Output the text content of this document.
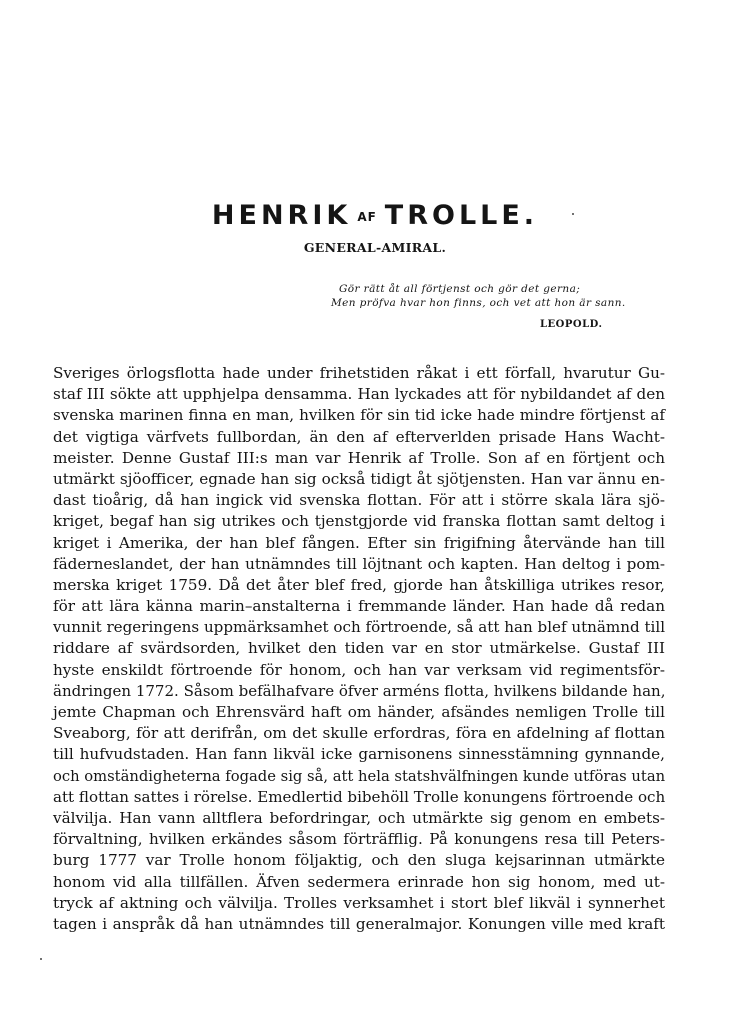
HENRIK AF TROLLE.
GENERAL-AMIRAL.
Gör rätt åt all förtjenst och gör det gerna;
Men pröfva hvar hon finns, och vet att hon är sann.
LEOPOLD.
Sveriges örlogsflotta hade under frihetstiden råkat i ett förfall, hvarutur Gu-
staf III sökte att upphjelpa densamma. Han lyckades att för nybildandet af den
svenska marinen finna en man, hvilken för sin tid icke hade mindre förtjenst af
det vigtiga värfvets fullbordan, än den af efterverlden prisade Hans Wacht-
meister. Denne Gustaf III:s man var Henrik af Trolle. Son af en förtjent och
utmärkt sjöofficer, egnade han sig också tidigt åt sjötjensten. Han var ännu en-
dast tioårig, då han ingick vid svenska flottan. För att i större skala lära sjö-
kriget, begaf han sig utrikes och tjenstgjorde vid franska flottan samt deltog i
kriget i Amerika, der han blef fången. Efter sin frigifning återvände han till
fäderneslandet, der han utnämndes till löjtnant och kapten. Han deltog i pom-
merska kriget 1759. Då det åter blef fred, gjorde han åtskilliga utrikes resor,
för att lära känna marin–anstalterna i fremmande länder. Han hade då redan
vunnit regeringens uppmärksamhet och förtroende, så att han blef utnämnd till
riddare af svärdsorden, hvilket den tiden var en stor utmärkelse. Gustaf III
hyste enskildt förtroende för honom, och han var verksam vid regimentsför-
ändringen 1772. Såsom befälhafvare öfver arméns flotta, hvilkens bildande han,
jemte Chapman och Ehrensvärd haft om händer, afsändes nemligen Trolle till
Sveaborg, för att derifrån, om det skulle erfordras, föra en afdelning af flottan
till hufvudstaden. Han fann likväl icke garnisonens sinnesstämning gynnande,
och omständigheterna fogade sig så, att hela statshvälfningen kunde utföras utan
att flottan sattes i rörelse. Emedlertid bibehöll Trolle konungens förtroende och
välvilja. Han vann alltflera befordringar, och utmärkte sig genom en embets-
förvaltning, hvilken erkändes såsom förträfflig. På konungens resa till Peters-
burg 1777 var Trolle honom följaktig, och den sluga kejsarinnan utmärkte
honom vid alla tillfällen. Äfven sedermera erinrade hon sig honom, med ut-
tryck af aktning och välvilja. Trolles verksamhet i stort blef likväl i synnerhet
tagen i anspråk då han utnämndes till generalmajor. Konungen ville med kraft
